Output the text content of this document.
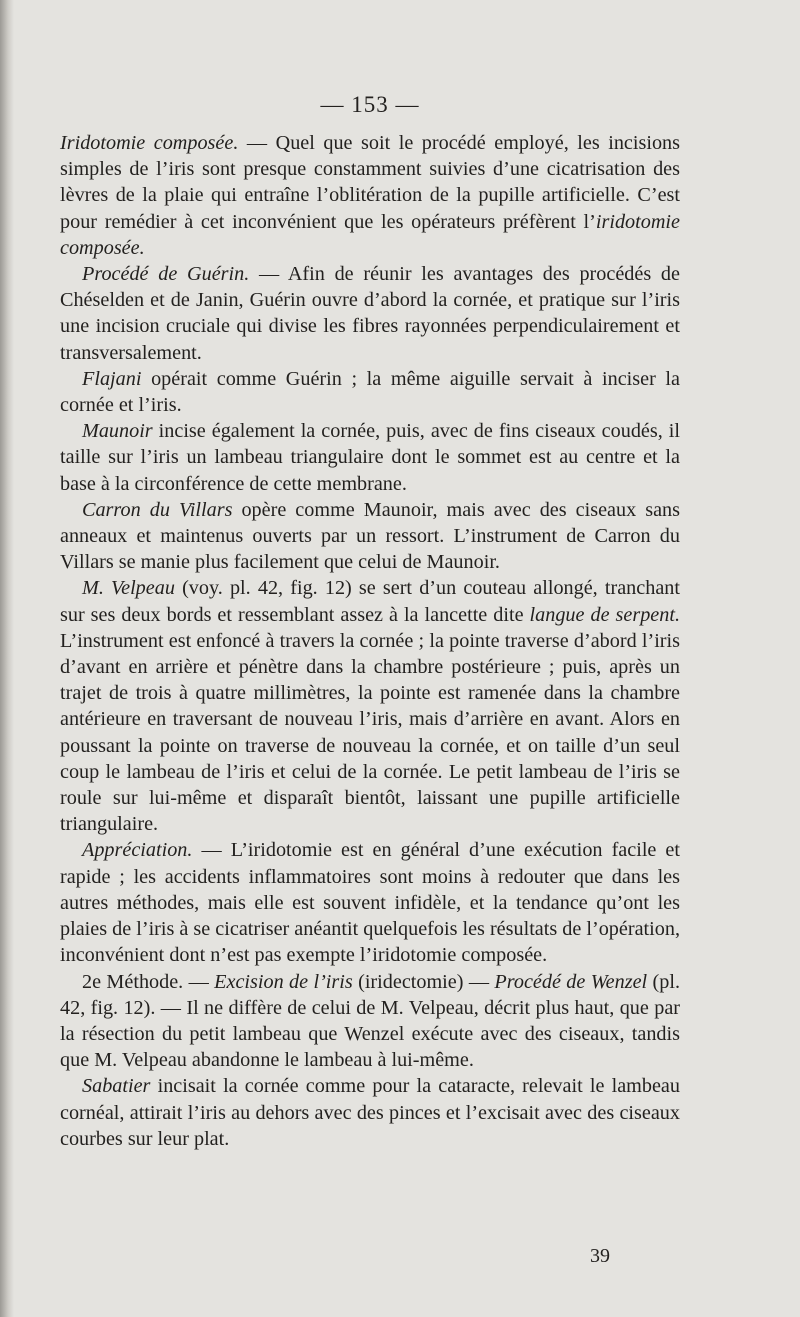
— 153 —

Iridotomie composée. — Quel que soit le procédé employé, les incisions simples de l’iris sont presque constamment suivies d’une cicatrisation des lèvres de la plaie qui entraîne l’oblitération de la pupille artificielle. C’est pour remédier à cet inconvénient que les opérateurs préfèrent l’iridotomie composée.

Procédé de Guérin. — Afin de réunir les avantages des procédés de Chéselden et de Janin, Guérin ouvre d’abord la cornée, et pratique sur l’iris une incision cruciale qui divise les fibres rayonnées perpendiculairement et transversalement.

Flajani opérait comme Guérin ; la même aiguille servait à inciser la cornée et l’iris.

Maunoir incise également la cornée, puis, avec de fins ciseaux coudés, il taille sur l’iris un lambeau triangulaire dont le sommet est au centre et la base à la circonférence de cette membrane.

Carron du Villars opère comme Maunoir, mais avec des ciseaux sans anneaux et maintenus ouverts par un ressort. L’instrument de Carron du Villars se manie plus facilement que celui de Maunoir.

M. Velpeau (voy. pl. 42, fig. 12) se sert d’un couteau allongé, tranchant sur ses deux bords et ressemblant assez à la lancette dite langue de serpent. L’instrument est enfoncé à travers la cornée ; la pointe traverse d’abord l’iris d’avant en arrière et pénètre dans la chambre postérieure ; puis, après un trajet de trois à quatre millimètres, la pointe est ramenée dans la chambre antérieure en traversant de nouveau l’iris, mais d’arrière en avant. Alors en poussant la pointe on traverse de nouveau la cornée, et on taille d’un seul coup le lambeau de l’iris et celui de la cornée. Le petit lambeau de l’iris se roule sur lui-même et disparaît bientôt, laissant une pupille artificielle triangulaire.

Appréciation. — L’iridotomie est en général d’une exécution facile et rapide ; les accidents inflammatoires sont moins à redouter que dans les autres méthodes, mais elle est souvent infidèle, et la tendance qu’ont les plaies de l’iris à se cicatriser anéantit quelquefois les résultats de l’opération, inconvénient dont n’est pas exempte l’iridotomie composée.

2e Méthode. — Excision de l’iris (iridectomie) — Procédé de Wenzel (pl. 42, fig. 12). — Il ne diffère de celui de M. Velpeau, décrit plus haut, que par la résection du petit lambeau que Wenzel exécute avec des ciseaux, tandis que M. Velpeau abandonne le lambeau à lui-même.

Sabatier incisait la cornée comme pour la cataracte, relevait le lambeau cornéal, attirait l’iris au dehors avec des pinces et l’excisait avec des ciseaux courbes sur leur plat.

39
